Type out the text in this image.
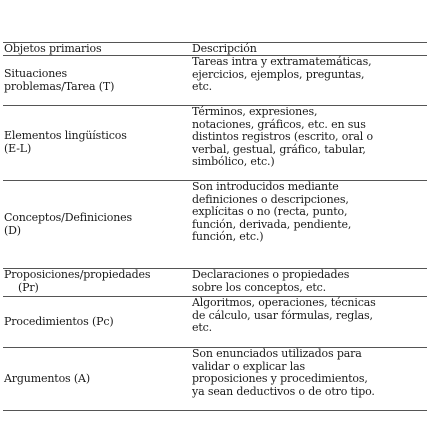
Objetos primarios	Descripción
Situaciones
problemas/Tarea (T)
Tareas intra y extramatemáticas,
ejercicios, ejemplos, preguntas,
etc.
Elementos lingüísticos
(E-L)
Términos, expresiones,
notaciones, gráficos, etc. en sus
distintos registros (escrito, oral o
verbal, gestual, gráfico, tabular,
simbólico, etc.)
Conceptos/Definiciones
(D)
Son introducidos mediante
definiciones o descripciones,
explícitas o no (recta, punto,
función, derivada, pendiente,
función, etc.)
Proposiciones/propiedades
(Pr)
Declaraciones o propiedades
sobre los conceptos, etc.
Procedimientos (Pc)
Algoritmos, operaciones, técnicas
de cálculo, usar fórmulas, reglas,
etc.
Argumentos (A)
Son enunciados utilizados para
validar o explicar las
proposiciones y procedimientos,
ya sean deductivos o de otro tipo.
